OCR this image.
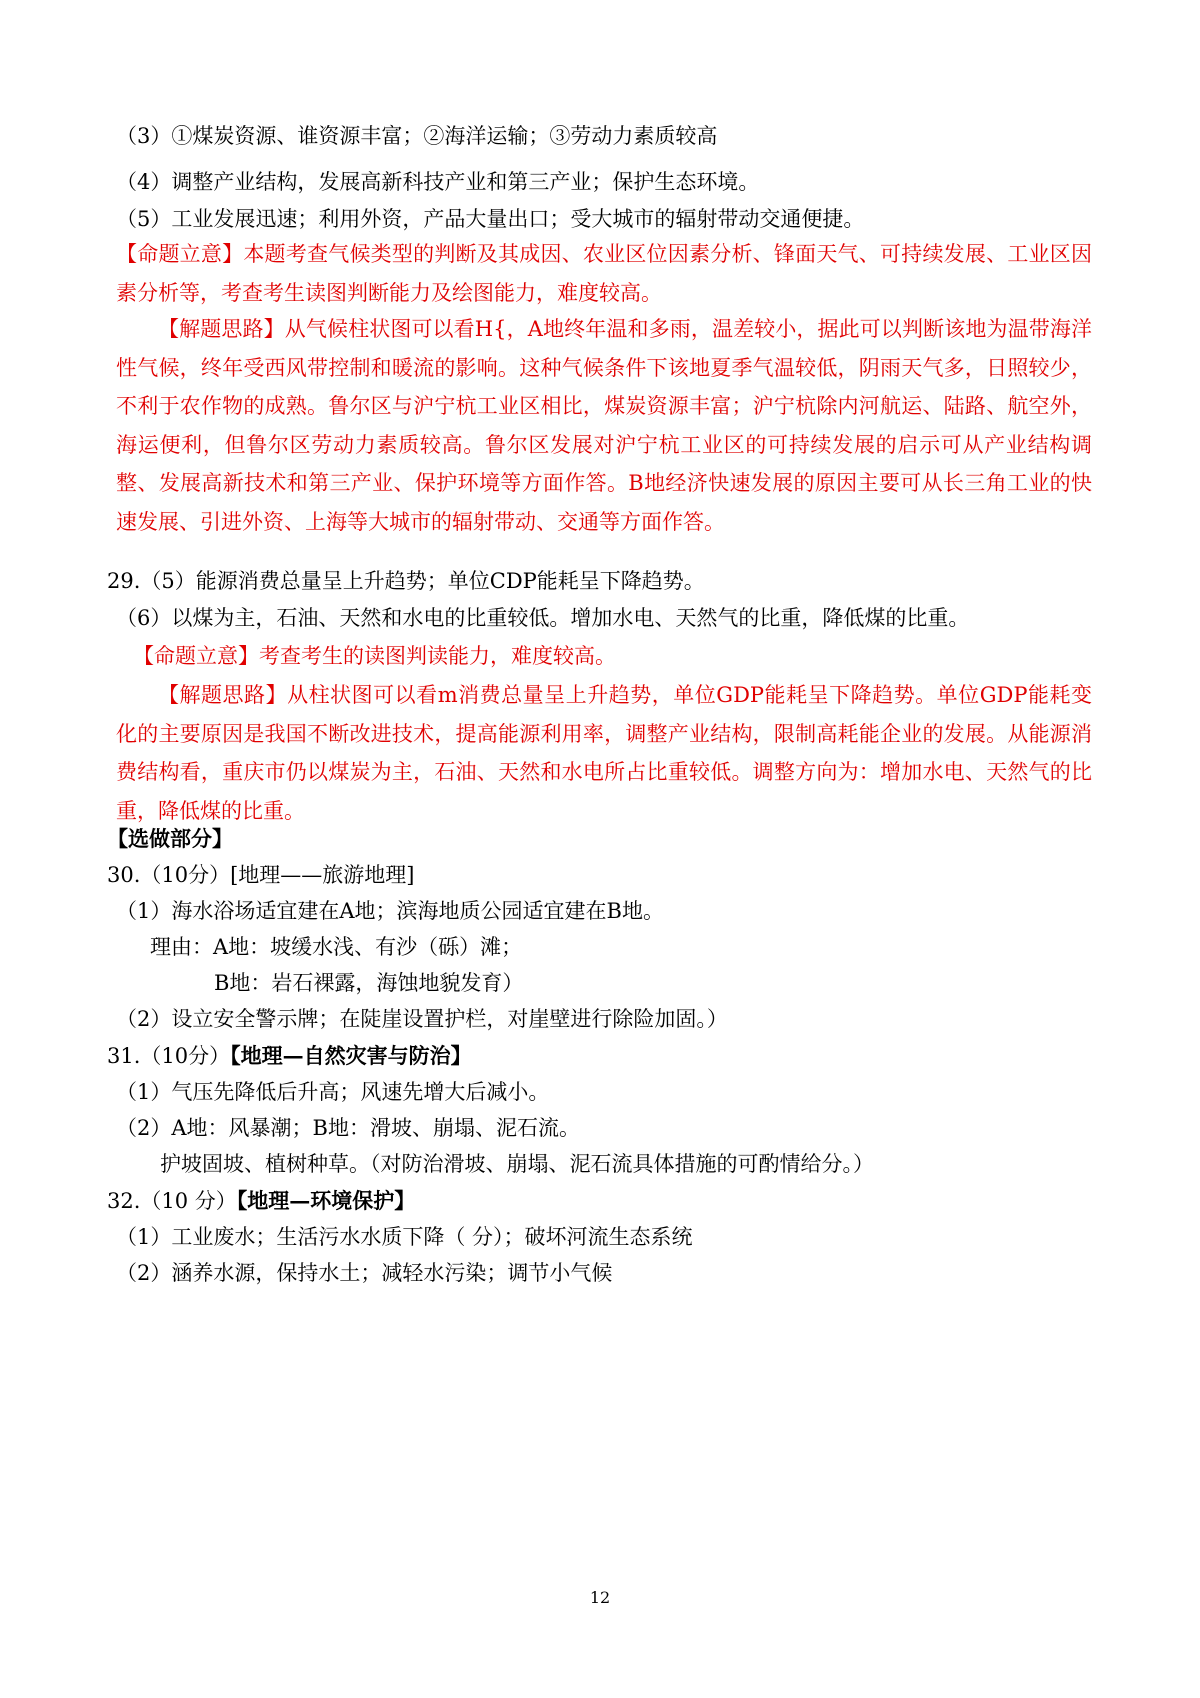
（3）①煤炭资源、谁资源丰富；②海洋运输；③劳动力素质较高
（4）调整产业结构，发展高新科技产业和第三产业；保护生态环境。
（5）工业发展迅速；利用外资，产品大量出口；受大城市的辐射带动交通便捷。
【命题立意】本题考查气候类型的判断及其成因、农业区位因素分析、锋面天气、可持续发展、工业区因素分析等，考查考生读图判断能力及绘图能力，难度较高。
【解题思路】从气候柱状图可以看H{，A地终年温和多雨，温差较小，据此可以判断该地为温带海洋性气候，终年受西风带控制和暖流的影响。这种气候条件下该地夏季气温较低，阴雨天气多，日照较少，不利于农作物的成熟。鲁尔区与沪宁杭工业区相比，煤炭资源丰富；沪宁杭除内河航运、陆路、航空外，海运便利，但鲁尔区劳动力素质较高。鲁尔区发展对沪宁杭工业区的可持续发展的启示可从产业结构调整、发展高新技术和第三产业、保护环境等方面作答。B地经济快速发展的原因主要可从长三角工业的快速发展、引进外资、上海等大城市的辐射带动、交通等方面作答。
29.（5）能源消费总量呈上升趋势；单位CDP能耗呈下降趋势。
（6）以煤为主，石油、天然和水电的比重较低。增加水电、天然气的比重，降低煤的比重。
【命题立意】考查考生的读图判读能力，难度较高。
【解题思路】从柱状图可以看m消费总量呈上升趋势，单位GDP能耗呈下降趋势。单位GDP能耗变化的主要原因是我国不断改进技术，提高能源利用率，调整产业结构，限制高耗能企业的发展。从能源消费结构看，重庆市仍以煤炭为主，石油、天然和水电所占比重较低。调整方向为：增加水电、天然气的比重，降低煤的比重。
【选做部分】
30.（10分）[地理——旅游地理]
（1）海水浴场适宜建在A地；滨海地质公园适宜建在B地。
理由：A地：坡缓水浅、有沙（砾）滩；
B地：岩石裸露，海蚀地貌发育）
（2）设立安全警示牌；在陡崖设置护栏，对崖壁进行除险加固。）
31.（10分）【地理—自然灾害与防治】
（1）气压先降低后升高；风速先增大后减小。
（2）A地：风暴潮；B地：滑坡、崩塌、泥石流。
护坡固坡、植树种草。（对防治滑坡、崩塌、泥石流具体措施的可酌情给分。）
32.（10 分）【地理—环境保护】
（1）工业废水；生活污水水质下降（ 分）；破坏河流生态系统
（2）涵养水源，保持水土；减轻水污染；调节小气候
12
